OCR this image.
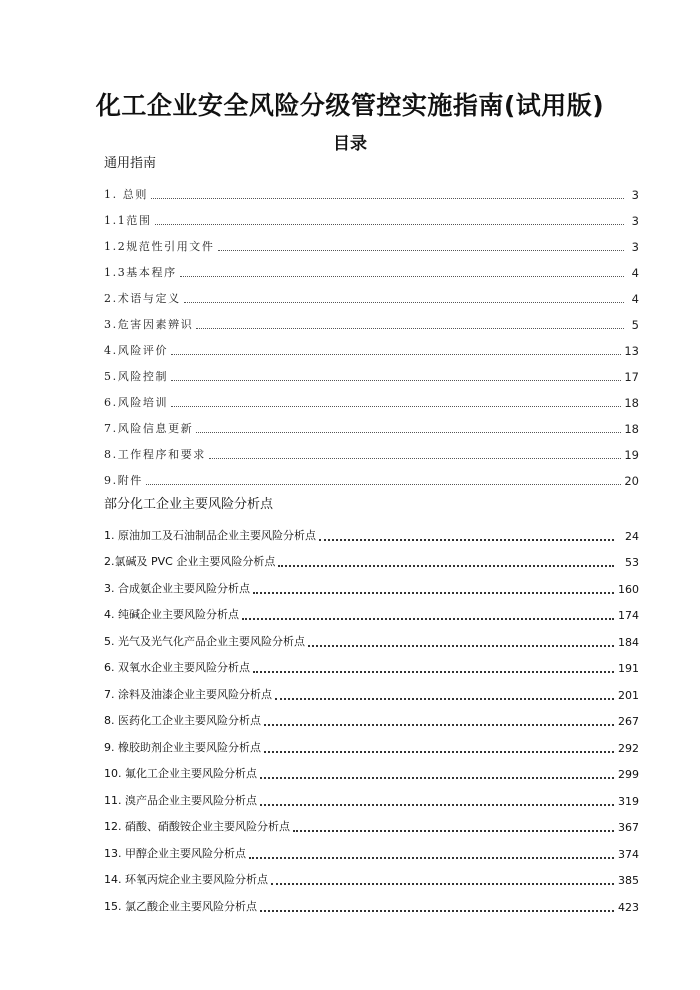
化工企业安全风险分级管控实施指南(试用版)
目录
通用指南
1. 总则	3
1.1范围	3
1.2规范性引用文件	3
1.3基本程序	4
2.术语与定义	4
3.危害因素辨识	5
4.风险评价	13
5.风险控制	17
6.风险培训	18
7.风险信息更新	18
8.工作程序和要求	19
9.附件	20
部分化工企业主要风险分析点
1. 原油加工及石油制品企业主要风险分析点	24
2.氯碱及 PVC 企业主要风险分析点	53
3. 合成氨企业主要风险分析点	160
4. 纯碱企业主要风险分析点	174
5. 光气及光气化产品企业主要风险分析点	184
6. 双氧水企业主要风险分析点	191
7. 涂料及油漆企业主要风险分析点	201
8. 医药化工企业主要风险分析点	267
9. 橡胶助剂企业主要风险分析点	292
10. 氟化工企业主要风险分析点	299
11. 溴产品企业主要风险分析点	319
12. 硝酸、硝酸铵企业主要风险分析点	367
13. 甲醇企业主要风险分析点	374
14. 环氧丙烷企业主要风险分析点	385
15. 氯乙酸企业主要风险分析点	423
